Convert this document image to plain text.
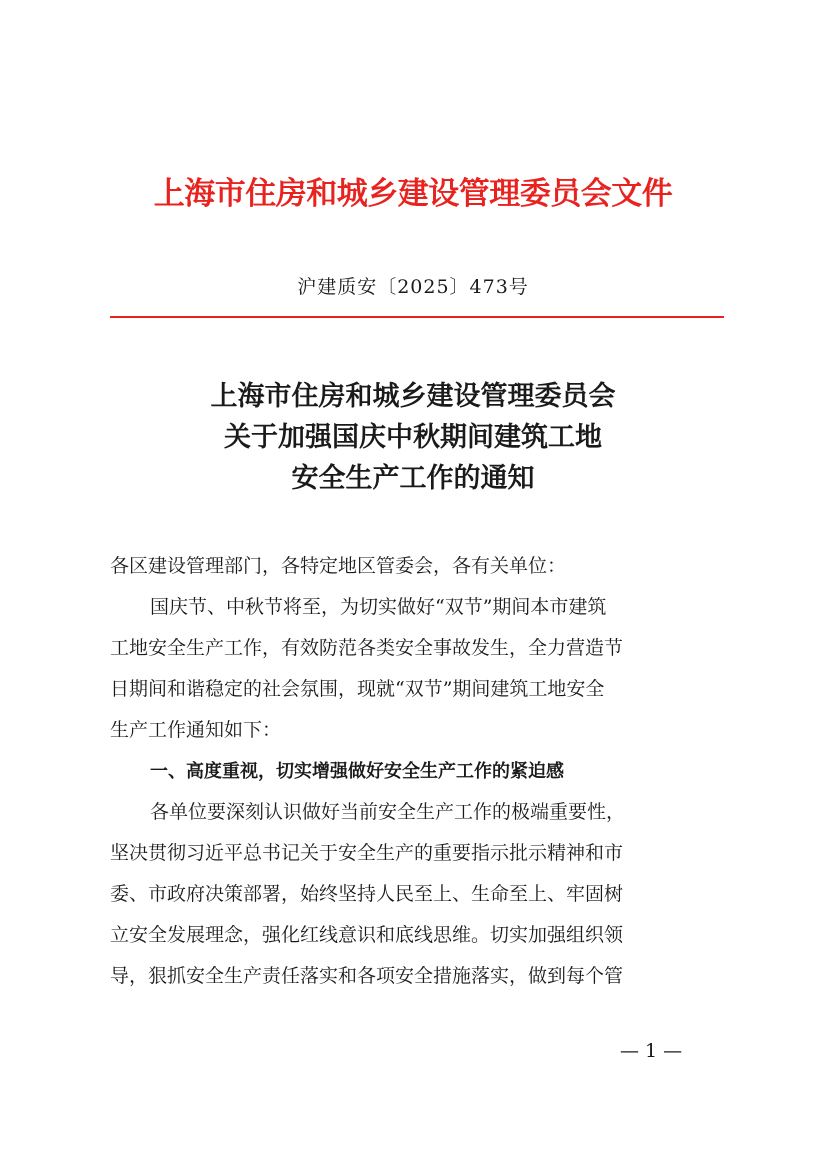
上海市住房和城乡建设管理委员会文件
沪建质安〔2025〕473号
上海市住房和城乡建设管理委员会
关于加强国庆中秋期间建筑工地
安全生产工作的通知
各区建设管理部门，各特定地区管委会，各有关单位：
国庆节、中秋节将至，为切实做好“双节”期间本市建筑
工地安全生产工作，有效防范各类安全事故发生，全力营造节
日期间和谐稳定的社会氛围，现就“双节”期间建筑工地安全
生产工作通知如下：
一、高度重视，切实增强做好安全生产工作的紧迫感
各单位要深刻认识做好当前安全生产工作的极端重要性，
坚决贯彻习近平总书记关于安全生产的重要指示批示精神和市
委、市政府决策部署，始终坚持人民至上、生命至上、牢固树
立安全发展理念，强化红线意识和底线思维。切实加强组织领
导，狠抓安全生产责任落实和各项安全措施落实，做到每个管
— 1 —
